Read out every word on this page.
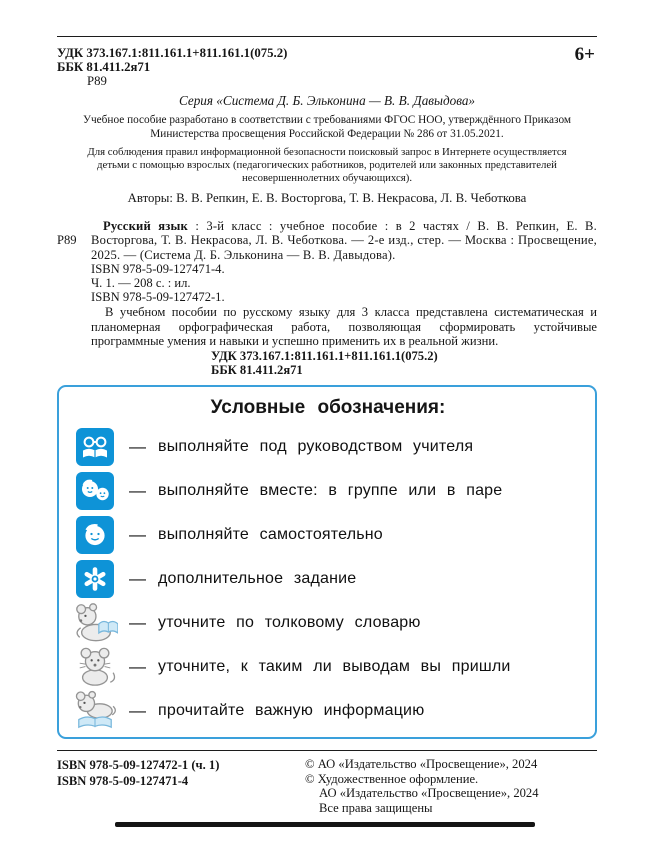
6+
УДК 373.167.1:811.161.1+811.161.1(075.2)
ББК 81.411.2я71
Р89
Серия «Система Д. Б. Эльконина — В. В. Давыдова»

Учебное пособие разработано в соответствии с требованиями ФГОС НОО, утверждённого Приказом Министерства просвещения Российской Федерации № 286 от 31.05.2021.

Для соблюдения правил информационной безопасности поисковый запрос в Интернете осуществляется детьми с помощью взрослых (педагогических работников, родителей или законных представителей несовершеннолетних обучающихся).

Авторы: В. В. Репкин, Е. В. Восторгова, Т. В. Некрасова, Л. В. Чеботкова

Р89

Русский язык : 3-й класс : учебное пособие : в 2 частях / В. В. Репкин, Е. В. Восторгова, Т. В. Некрасова, Л. В. Чеботкова. — 2-е изд., стер. — Москва : Просвещение, 2025. — (Система Д. Б. Эльконина — В. В. Давыдова).

ISBN 978-5-09-127471-4.

Ч. 1. — 208 с. : ил.

ISBN 978-5-09-127472-1.

В учебном пособии по русскому языку для 3 класса представлена систематическая и планомерная орфографическая работа, позволяющая сформировать устойчивые программные умения и навыки и успешно применить их в реальной жизни.

УДК 373.167.1:811.161.1+811.161.1(075.2)
ББК 81.411.2я71
Условные обозначения:
— выполняйте под руководством учителя
— выполняйте вместе: в группе или в паре
— выполняйте самостоятельно
— дополнительное задание
— уточните по толковому словарю
— уточните, к таким ли выводам вы пришли
— прочитайте важную информацию
ISBN 978-5-09-127472-1 (ч. 1)
ISBN 978-5-09-127471-4
© АО «Издательство «Просвещение», 2024
© Художественное оформление.
АО «Издательство «Просвещение», 2024
Все права защищены
